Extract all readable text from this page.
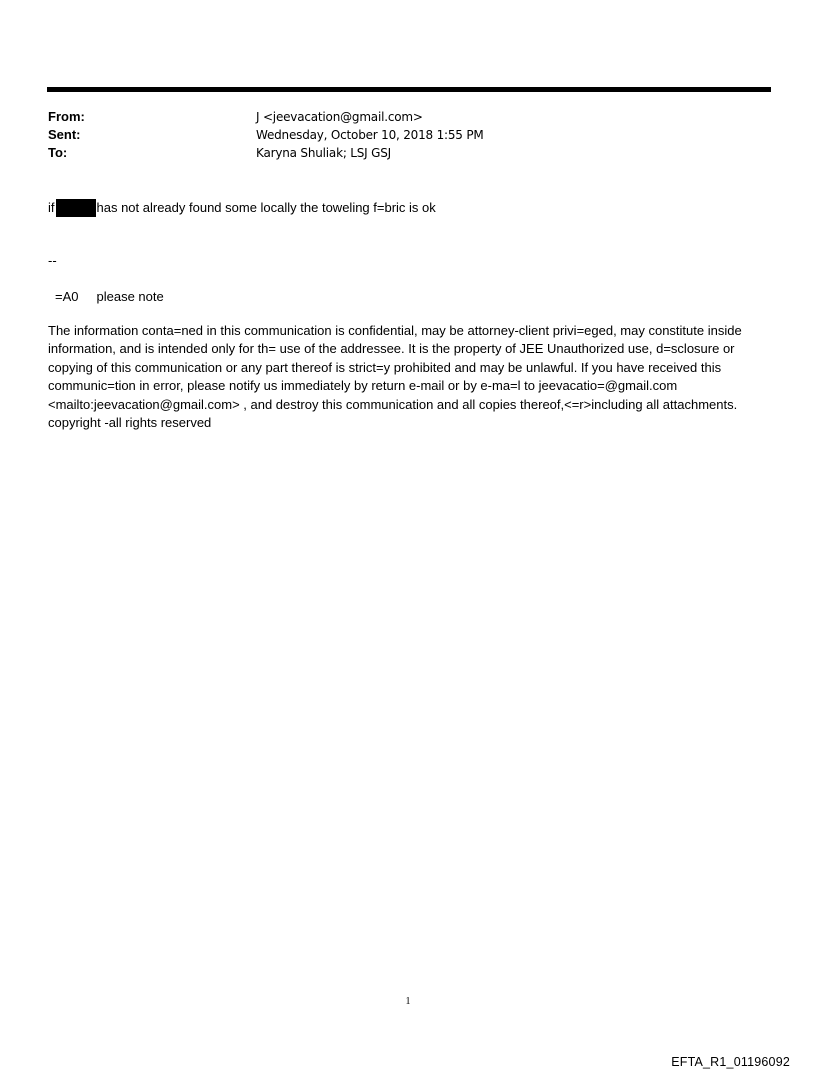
From:	J <jeevacation@gmail.com>
Sent:	Wednesday, October 10, 2018 1:55 PM
To:	Karyna Shuliak; LSJ GSJ
if	has not already found some locally the toweling f=bric is ok
--
=A0 please note
The information conta=ned in this communication is confidential, may be attorney-client privi=eged, may constitute inside information, and is intended only for th= use of the addressee. It is the property of JEE Unauthorized use, d=sclosure or copying of this communication or any part thereof is strict=y prohibited and may be unlawful. If you have received this communic=tion in error, please notify us immediately by return e-mail or by e-ma=l to jeevacatio=@gmail.com <mailto:jeevacation@gmail.com> , and destroy this communication and all copies thereof,<=r>including all attachments. copyright -all rights reserved
1
EFTA_R1_01196092
